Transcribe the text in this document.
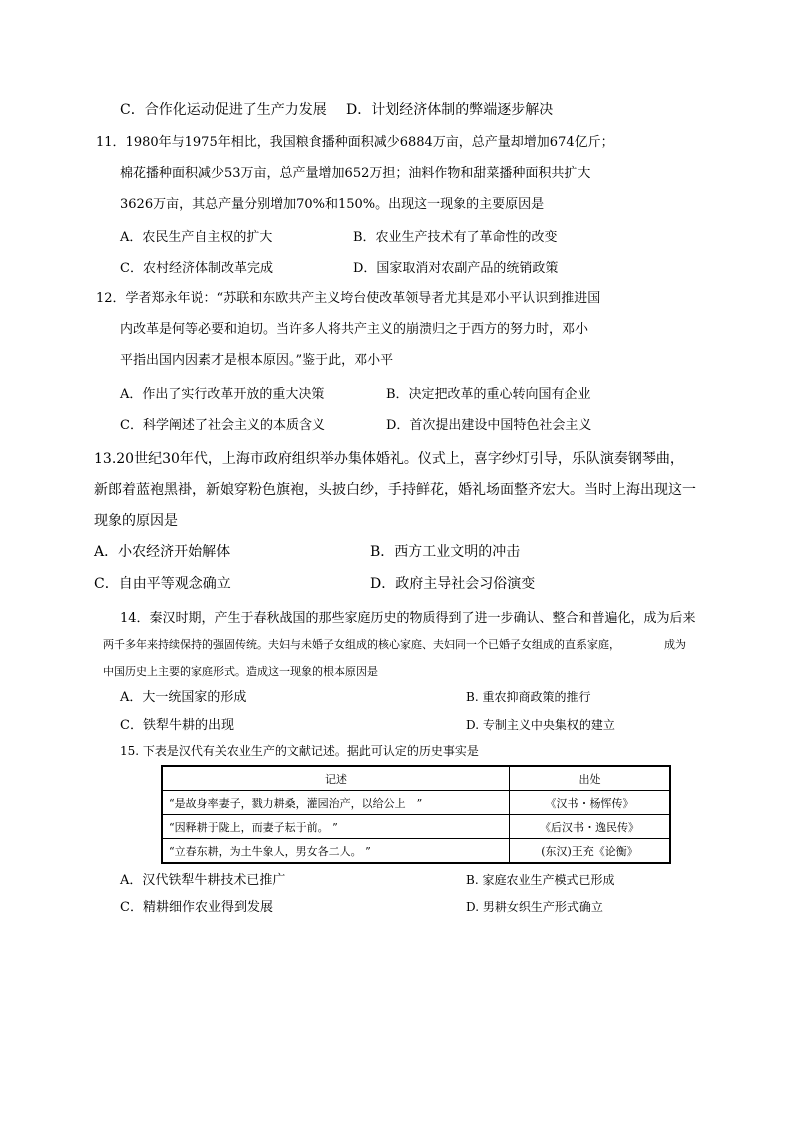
C．合作化运动促进了生产力发展 D．计划经济体制的弊端逐步解决
11．1980年与1975年相比，我国粮食播种面积减少6884万亩，总产量却增加674亿斤；
棉花播种面积减少53万亩，总产量增加652万担；油料作物和甜菜播种面积共扩大
3626万亩，其总产量分别增加70%和150%。出现这一现象的主要原因是
A．农民生产自主权的扩大	B．农业生产技术有了革命性的改变
C．农村经济体制改革完成	D．国家取消对农副产品的统销政策
12．学者郑永年说：“苏联和东欧共产主义垮台使改革领导者尤其是邓小平认识到推进国
内改革是何等必要和迫切。当许多人将共产主义的崩溃归之于西方的努力时，邓小
平指出国内因素才是根本原因。”鉴于此，邓小平
A．作出了实行改革开放的重大决策	B．决定把改革的重心转向国有企业
C．科学阐述了社会主义的本质含义	D．首次提出建设中国特色社会主义
13.20世纪30年代，上海市政府组织举办集体婚礼。仪式上，喜字纱灯引导，乐队演奏钢琴曲，
新郎着蓝袍黑褂，新娘穿粉色旗袍，头披白纱，手持鲜花，婚礼场面整齐宏大。当时上海出现这一
现象的原因是
A．小农经济开始解体	B．西方工业文明的冲击
C．自由平等观念确立	D．政府主导社会习俗演变
14．秦汉时期，产生于春秋战国的那些家庭历史的物质得到了进一步确认、整合和普遍化，成为后来
两千多年来持续保持的强固传统。夫妇与未婚子女组成的核心家庭、夫妇同一个已婚子女组成的直系家庭，	成为
中国历史上主要的家庭形式。造成这一现象的根本原因是
A．大一统国家的形成	B. 重农抑商政策的推行
C．铁犁牛耕的出现	D. 专制主义中央集权的建立
15. 下表是汉代有关农业生产的文献记述。据此可认定的历史事实是
记述	出处
“是故身率妻子，戮力耕桑，灌园治产，以给公上　”	《汉书・杨恽传》
“因释耕于陇上，而妻子耘于前。 ”	《后汉书・逸民传》
“立春东耕，为土牛象人，男女各二人。 ”	(东汉)王充《论衡》
A．汉代铁犁牛耕技术已推广	B. 家庭农业生产模式已形成
C．精耕细作农业得到发展	D. 男耕女织生产形式确立
